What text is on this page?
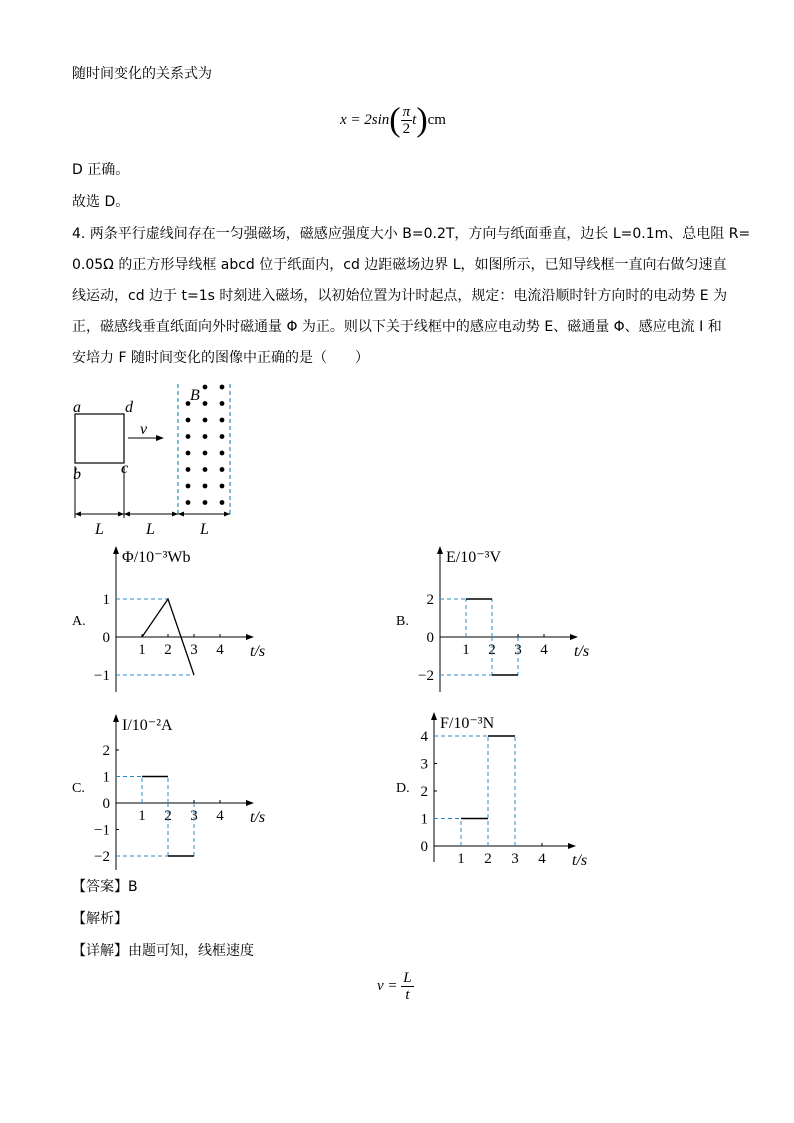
随时间变化的关系式为
$x = 2\sin( \frac{\pi}{2} t)cm$
D 正确。
故选 D。
4. 两条平行虚线间存在一匀强磁场，磁感应强度大小 B=0.2T，方向与纸面垂直，边长 L=0.1m、总电阻 R=
0.05Ω 的正方形导线框 abcd 位于纸面内，cd 边距磁场边界 L，如图所示，已知导线框一直向右做匀速直
线运动，cd 边于 t=1s 时刻进入磁场，以初始位置为计时起点，规定：电流沿顺时针方向时的电动势 E 为
正，磁感线垂直纸面向外时磁通量 Φ 为正。则以下关于线框中的感应电动势 E、磁通量 Φ、感应电流 I 和
安培力 F 随时间变化的图像中正确的是（　　）
a	d
b	c
v
B
L	L	L
A.	B.
C.	D.
Φ/10⁻³Wb
1
0
−1
1 2 3 4 t/s
E/10⁻³V
2
0
−2
1 2 3 4 t/s
I/10⁻²A
2
1
0
−1
−2
1 2 3 4 t/s
F/10⁻³N
4
3
2
1
0
1 2 3 4 t/s
【答案】B
【解析】
【详解】由题可知，线框速度
$v = \frac{L}{t}$
